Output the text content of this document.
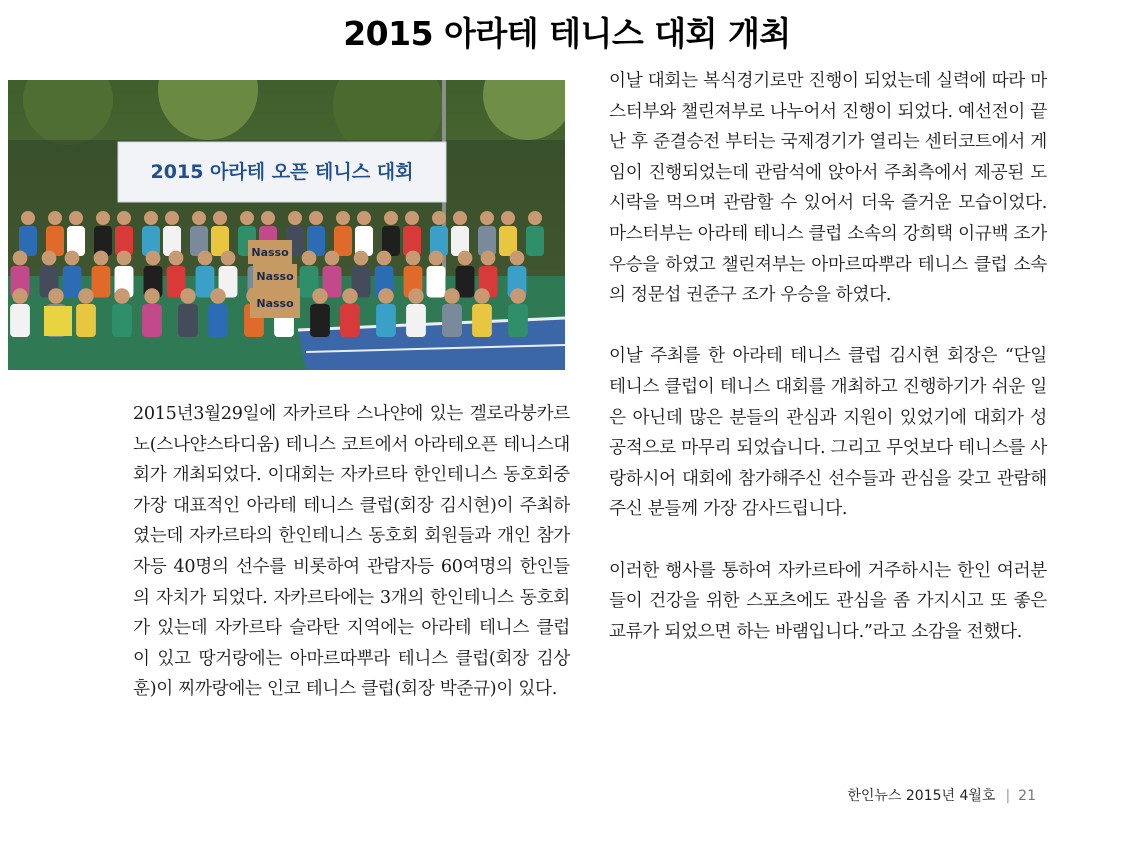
2015 아라테 테니스 대회 개최
2015 아라테 오픈 테니스 대회
Nasso
Nasso
Nasso

2015년3월29일에 자카르타 스나얀에 있는 겔로라붕카르노(스나얀스타디움) 테니스 코트에서 아라테오픈 테니스대회가 개최되었다. 이대회는 자카르타 한인테니스 동호회중 가장 대표적인 아라테 테니스 클럽(회장 김시현)이 주최하였는데 자카르타의 한인테니스 동호회 회원들과 개인 참가자등 40명의 선수를 비롯하여 관람자등 60여명의 한인들의 자치가 되었다. 자카르타에는 3개의 한인테니스 동호회가 있는데 자카르타 슬라탄 지역에는 아라테 테니스 클럽이 있고 땅거랑에는 아마르따뿌라 테니스 클럽(회장 김상훈)이 찌까랑에는 인코 테니스 클럽(회장 박준규)이 있다.

이날 대회는 복식경기로만 진행이 되었는데 실력에 따라 마스터부와 챌린져부로 나누어서 진행이 되었다. 예선전이 끝난 후 준결승전 부터는 국제경기가 열리는 센터코트에서 게임이 진행되었는데 관람석에 앉아서 주최측에서 제공된 도시락을 먹으며 관람할 수 있어서 더욱 즐거운 모습이었다. 마스터부는 아라테 테니스 클럽 소속의 강희택 이규백 조가 우승을 하였고 챌린져부는 아마르따뿌라 테니스 클럽 소속의 정문섭 권준구 조가 우승을 하였다.

이날 주최를 한 아라테 테니스 클럽 김시현 회장은 “단일 테니스 클럽이 테니스 대회를 개최하고 진행하기가 쉬운 일은 아닌데 많은 분들의 관심과 지원이 있었기에 대회가 성공적으로 마무리 되었습니다. 그리고 무엇보다 테니스를 사랑하시어 대회에 참가해주신 선수들과 관심을 갖고 관람해 주신 분들께 가장 감사드립니다.

이러한 행사를 통하여 자카르타에 거주하시는 한인 여러분들이 건강을 위한 스포츠에도 관심을 좀 가지시고 또 좋은 교류가 되었으면 하는 바램입니다.”라고 소감을 전했다.

한인뉴스 2015년 4월호 | 21
